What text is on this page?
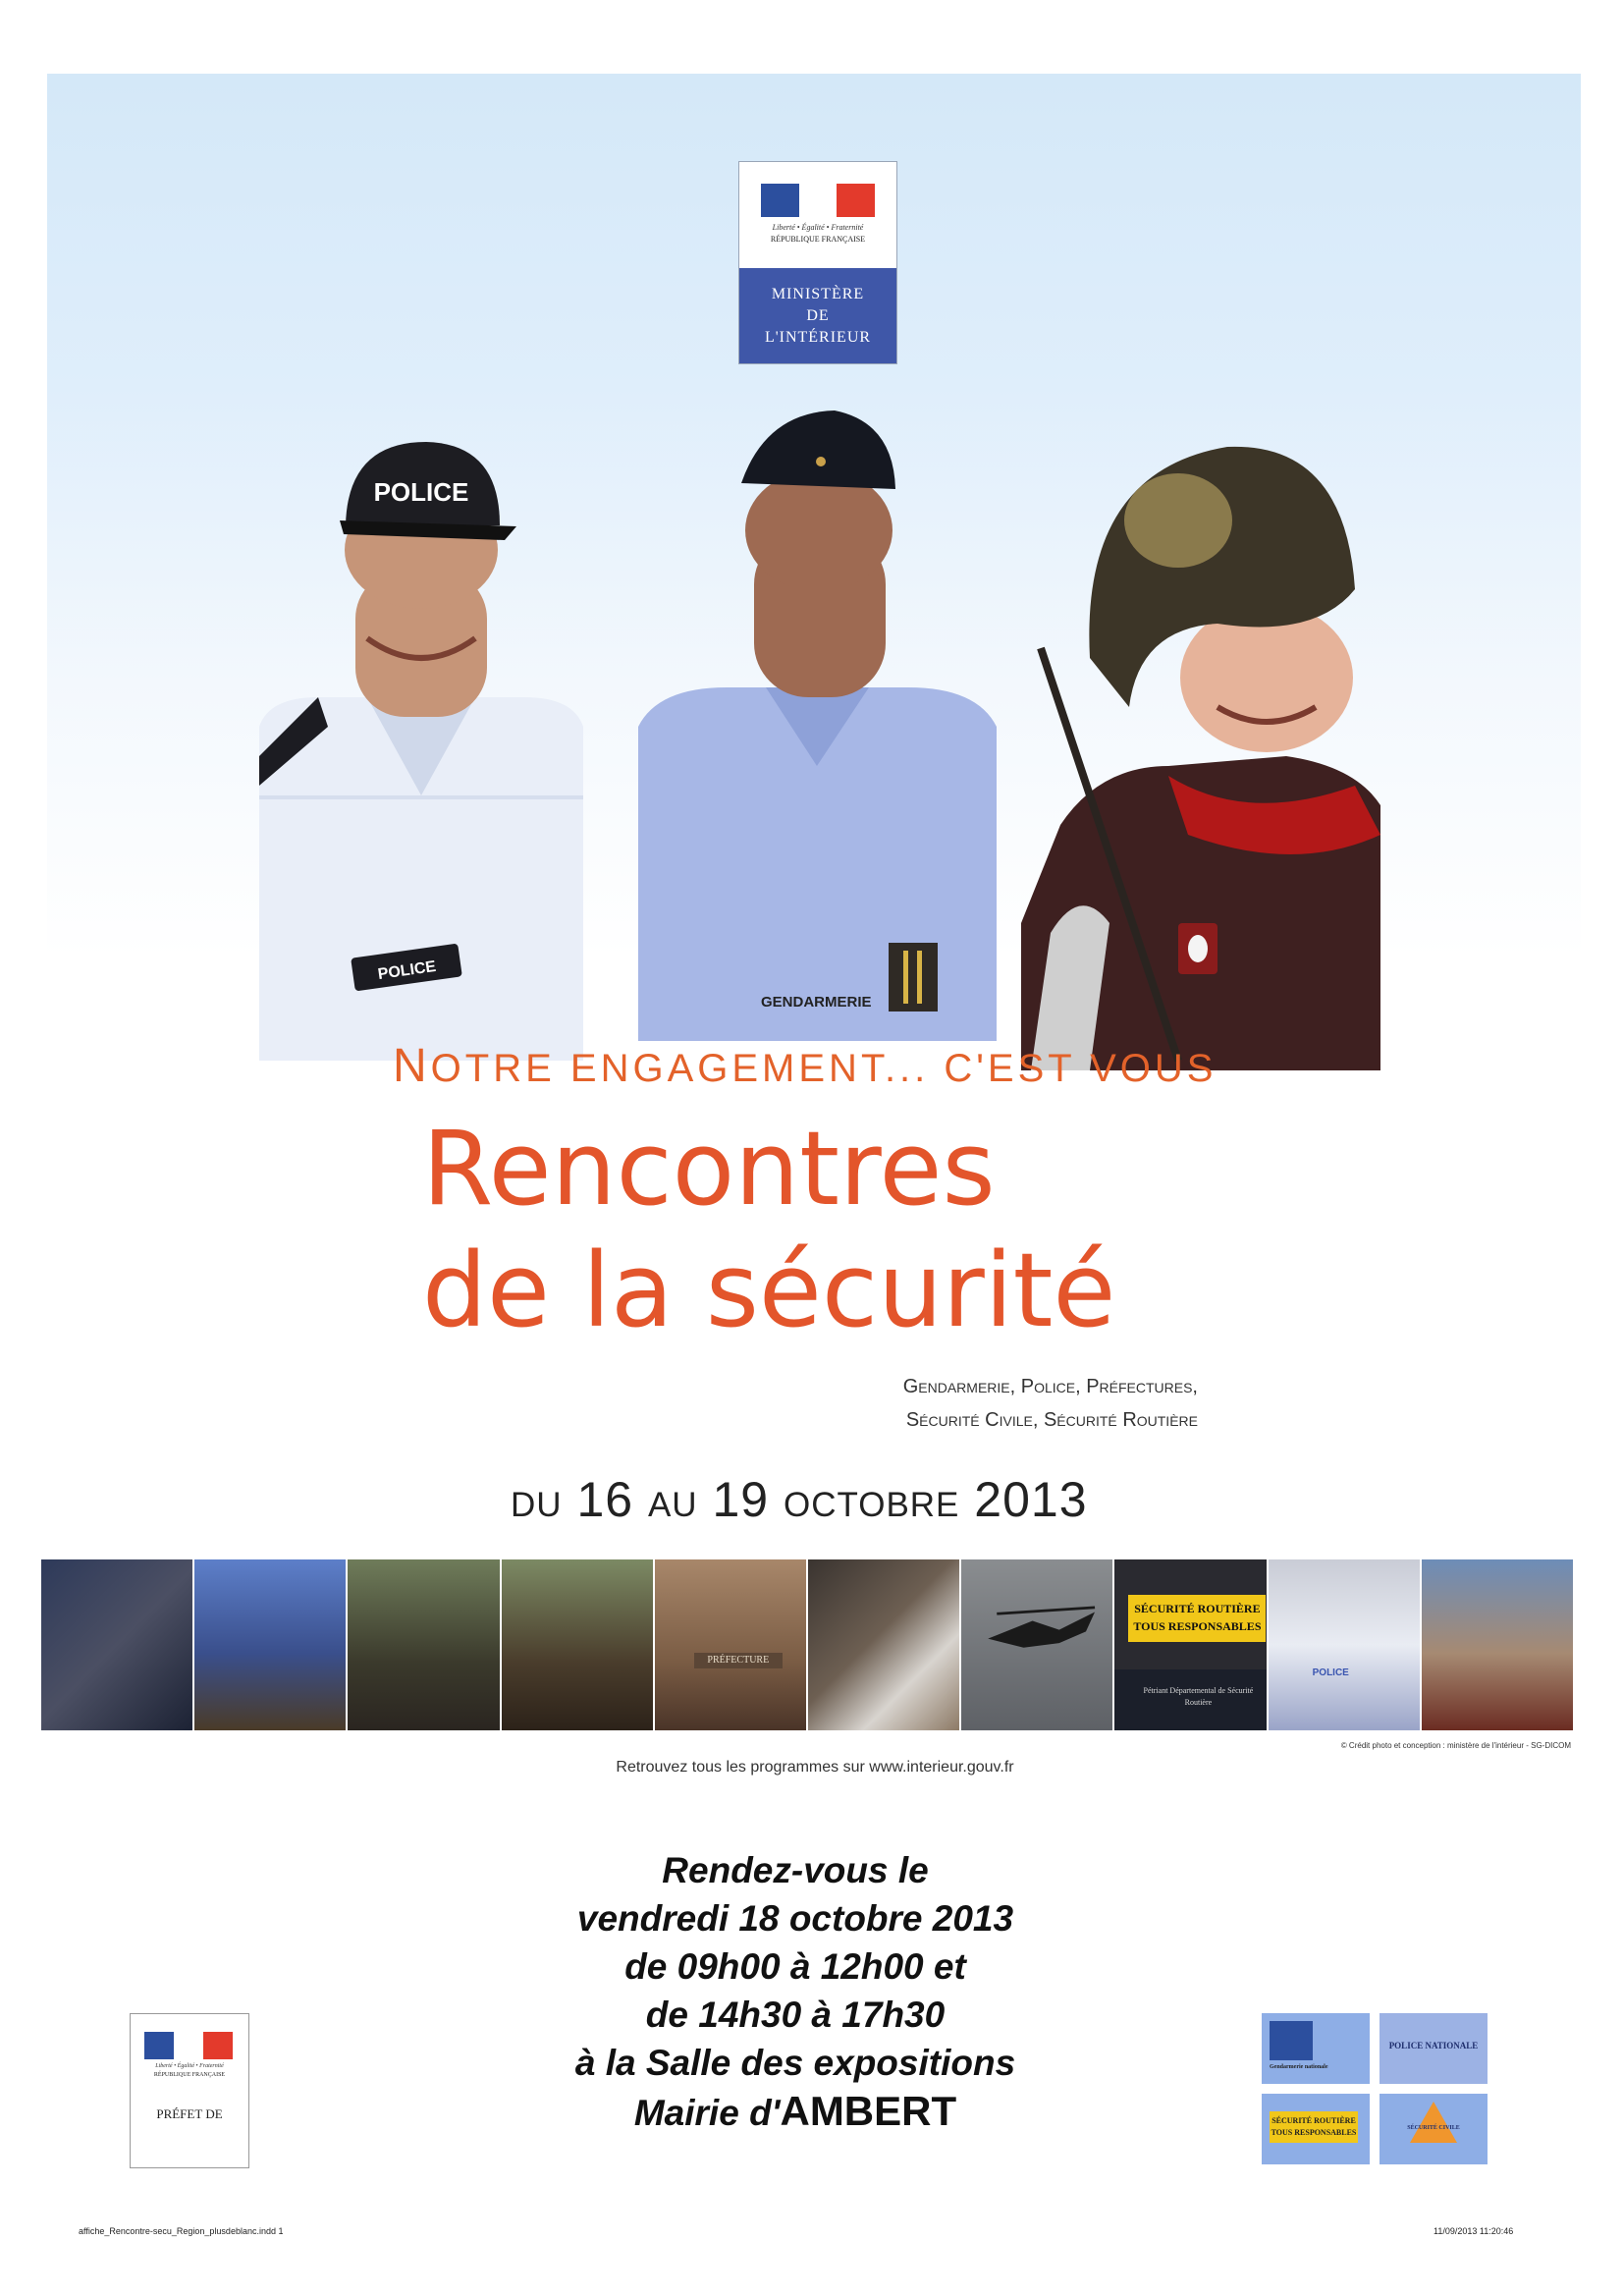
Liberté • Égalité • Fraternité
RÉPUBLIQUE FRANÇAISE
MINISTÈRE
DE
L'INTÉRIEUR
POLICE
POLICE
GENDARMERIE
NOTRE ENGAGEMENT... C'EST VOUS
Rencontres
de la sécurité
Gendarmerie, Police, Préfectures,
Sécurité Civile, Sécurité Routière
du 16 au 19 octobre 2013
PRÉFECTURE
SÉCURITÉ ROUTIÈRE TOUS RESPONSABLES
Pétriant Départemental de Sécurité Routière
POLICE
© Crédit photo et conception : ministère de l'intérieur - SG-DICOM
Retrouvez tous les programmes sur www.interieur.gouv.fr
Rendez-vous le
vendredi 18 octobre 2013
de 09h00 à 12h00 et
de 14h30 à 17h30
à la Salle des expositions
Mairie d'AMBERT
Liberté • Égalité • Fraternité
RÉPUBLIQUE FRANÇAISE
PRÉFET DE
Gendarmerie nationale
POLICE NATIONALE
SÉCURITÉ ROUTIÈRE TOUS RESPONSABLES	SÉCURITÉ CIVILE
affiche_Rencontre-secu_Region_plusdeblanc.indd 1	11/09/2013 11:20:46
